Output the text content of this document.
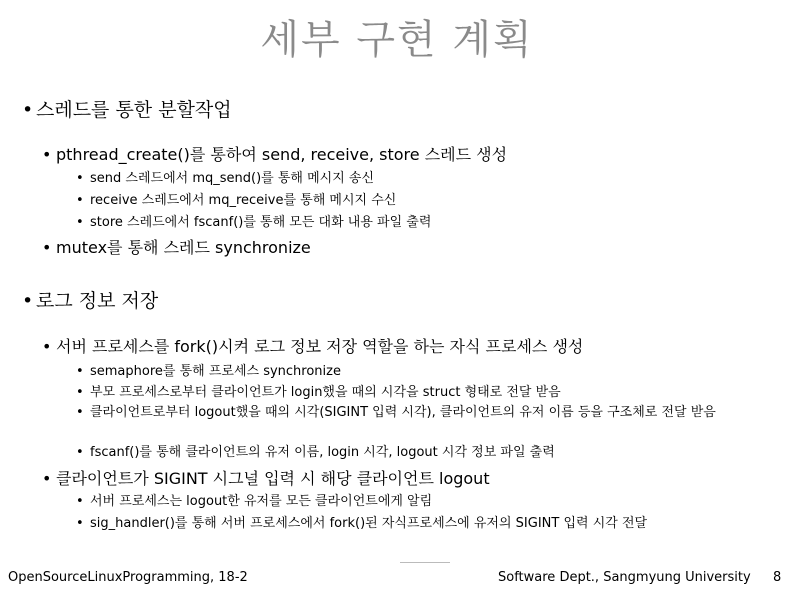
세부 구현 계획
• 스레드를 통한 분할작업
• pthread_create()를 통하여 send, receive, store 스레드 생성
• send 스레드에서 mq_send()를 통해 메시지 송신
• receive 스레드에서 mq_receive를 통해 메시지 수신
• store 스레드에서 fscanf()를 통해 모든 대화 내용 파일 출력
• mutex를 통해 스레드 synchronize
• 로그 정보 저장
• 서버 프로세스를 fork()시켜 로그 정보 저장 역할을 하는 자식 프로세스 생성
• semaphore를 통해 프로세스 synchronize
• 부모 프로세스로부터 클라이언트가 login했을 때의 시각을 struct 형태로 전달 받음
• 클라이언트로부터 logout했을 때의 시각(SIGINT 입력 시각), 클라이언트의 유저 이름 등을 구조체로 전달 받음
• fscanf()를 통해 클라이언트의 유저 이름, login 시각, logout 시각 정보 파일 출력
• 클라이언트가 SIGINT 시그널 입력 시 해당 클라이언트 logout
• 서버 프로세스는 logout한 유저를 모든 클라이언트에게 알림
• sig_handler()를 통해 서버 프로세스에서 fork()된 자식프로세스에 유저의 SIGINT 입력 시각 전달
OpenSourceLinuxProgramming, 18-2	Software Dept., Sangmyung University 8
